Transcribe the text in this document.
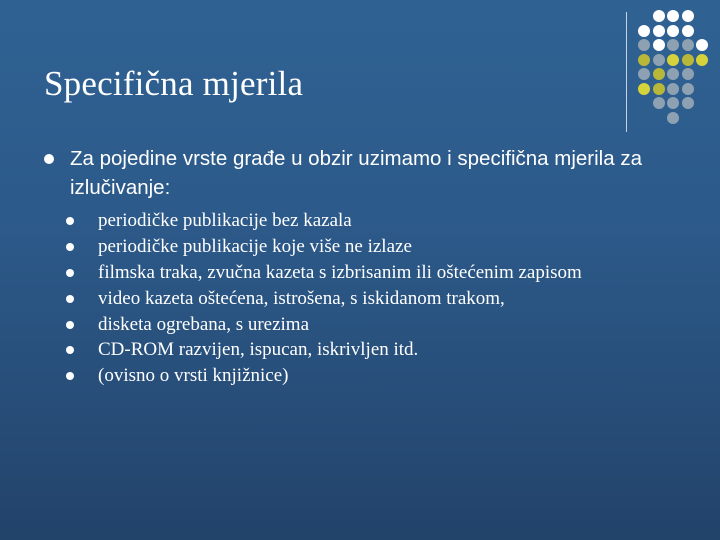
Specifična mjerila
Za pojedine vrste građe u obzir uzimamo i specifična mjerila za izlučivanje:
periodičke publikacije bez kazala
periodičke publikacije koje više ne izlaze
filmska traka, zvučna kazeta s izbrisanim ili oštećenim zapisom
video kazeta oštećena, istrošena, s iskidanom trakom,
disketa ogrebana, s urezima
CD-ROM razvijen, ispucan, iskrivljen itd.
(ovisno o vrsti knjižnice)
